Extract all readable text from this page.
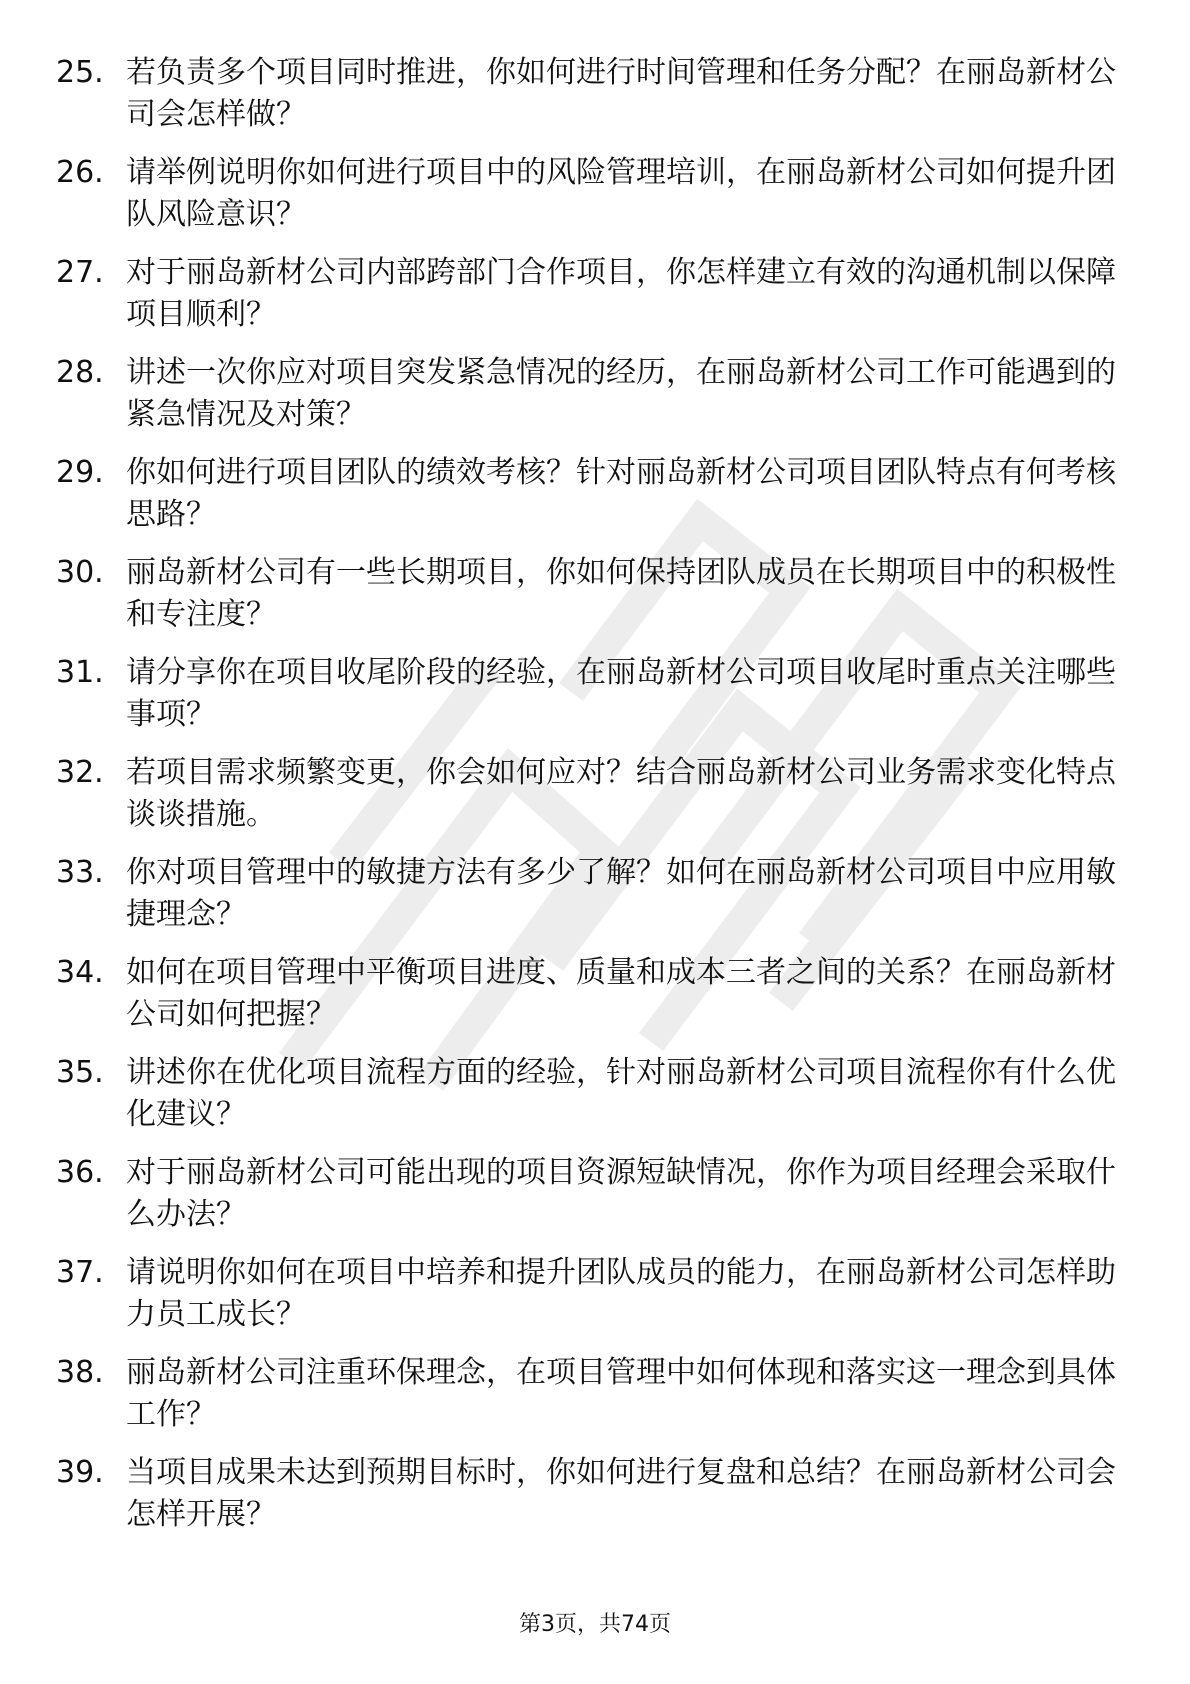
25. 若负责多个项目同时推进，你如何进行时间管理和任务分配？在丽岛新材公司会怎样做？
26. 请举例说明你如何进行项目中的风险管理培训，在丽岛新材公司如何提升团队风险意识？
27. 对于丽岛新材公司内部跨部门合作项目，你怎样建立有效的沟通机制以保障项目顺利？
28. 讲述一次你应对项目突发紧急情况的经历，在丽岛新材公司工作可能遇到的紧急情况及对策？
29. 你如何进行项目团队的绩效考核？针对丽岛新材公司项目团队特点有何考核思路？
30. 丽岛新材公司有一些长期项目，你如何保持团队成员在长期项目中的积极性和专注度？
31. 请分享你在项目收尾阶段的经验，在丽岛新材公司项目收尾时重点关注哪些事项？
32. 若项目需求频繁变更，你会如何应对？结合丽岛新材公司业务需求变化特点谈谈措施。
33. 你对项目管理中的敏捷方法有多少了解？如何在丽岛新材公司项目中应用敏捷理念？
34. 如何在项目管理中平衡项目进度、质量和成本三者之间的关系？在丽岛新材公司如何把握？
35. 讲述你在优化项目流程方面的经验，针对丽岛新材公司项目流程你有什么优化建议？
36. 对于丽岛新材公司可能出现的项目资源短缺情况，你作为项目经理会采取什么办法？
37. 请说明你如何在项目中培养和提升团队成员的能力，在丽岛新材公司怎样助力员工成长？
38. 丽岛新材公司注重环保理念，在项目管理中如何体现和落实这一理念到具体工作？
39. 当项目成果未达到预期目标时，你如何进行复盘和总结？在丽岛新材公司会怎样开展？
第3页，共74页
